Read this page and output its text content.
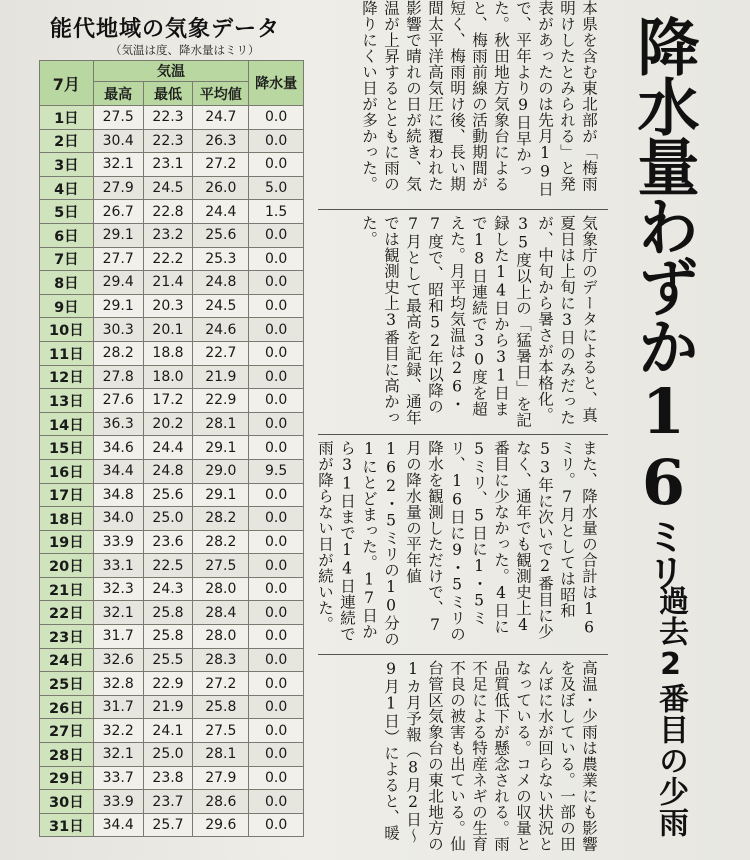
能代地域の気象データ
（気温は度、降水量はミリ）
7月	気温			降水量
	最高	最低	平均値	
1日	27.5	22.3	24.7	0.0
2日	30.4	22.3	26.3	0.0
3日	32.1	23.1	27.2	0.0
4日	27.9	24.5	26.0	5.0
5日	26.7	22.8	24.4	1.5
6日	29.1	23.2	25.6	0.0
7日	27.7	22.2	25.3	0.0
8日	29.4	21.4	24.8	0.0
9日	29.1	20.3	24.5	0.0
10日	30.3	20.1	24.6	0.0
11日	28.2	18.8	22.7	0.0
12日	27.8	18.0	21.9	0.0
13日	27.6	17.2	22.9	0.0
14日	36.3	20.2	28.1	0.0
15日	34.6	24.4	29.1	0.0
16日	34.4	24.8	29.0	9.5
17日	34.8	25.6	29.1	0.0
18日	34.0	25.0	28.2	0.0
19日	33.9	23.6	28.2	0.0
20日	33.1	22.5	27.5	0.0
21日	32.3	24.3	28.0	0.0
22日	32.1	25.8	28.4	0.0
23日	31.7	25.8	28.0	0.0
24日	32.6	25.5	28.3	0.0
25日	32.8	22.9	27.2	0.0
26日	31.7	21.9	25.8	0.0
27日	32.2	24.1	27.5	0.0
28日	32.1	25.0	28.1	0.0
29日	33.7	23.8	27.9	0.0
30日	33.9	23.7	28.6	0.0
31日	34.4	25.7	29.6	0.0
降水量わずか16ミリ
過去2番目の少雨
本県を含む東北部が「梅雨明けしたとみられる」と発表があったのは先月19日で、平年より9日早かった。秋田地方気象台によると、梅雨前線の活動期間が短く、梅雨明け後、長い期間太平洋高気圧に覆われた影響で晴れの日が続き、気温が上昇するとともに雨の降りにくい日が多かった。
気象庁のデータによると、真夏日は上旬に3日のみだったが、中旬から暑さが本格化。35度以上の「猛暑日」を記録した14日から31日まで18日連続で30度を超えた。月平均気温は26・7度で、昭和52年以降の7月として最高を記録、通年では観測史上3番目に高かった。
また、降水量の合計は16ミリ。7月としては昭和53年に次いで2番目に少なく、通年でも観測史上4番目に少なかった。4日に5ミリ、5日に1・5ミリ、16日に9・5ミリの降水を観測しただけで、7月の降水量の平年値162・5ミリの10分の1にとどまった。17日から31日まで14日連続で雨が降らない日が続いた。
高温・少雨は農業にも影響を及ぼしている。一部の田んぼに水が回らない状況となっている。コメの収量と品質低下が懸念される。雨不足による特産ネギの生育不良の被害も出ている。仙台管区気象台の東北地方の1カ月予報（8月2日〜9月1日）によると、暖
